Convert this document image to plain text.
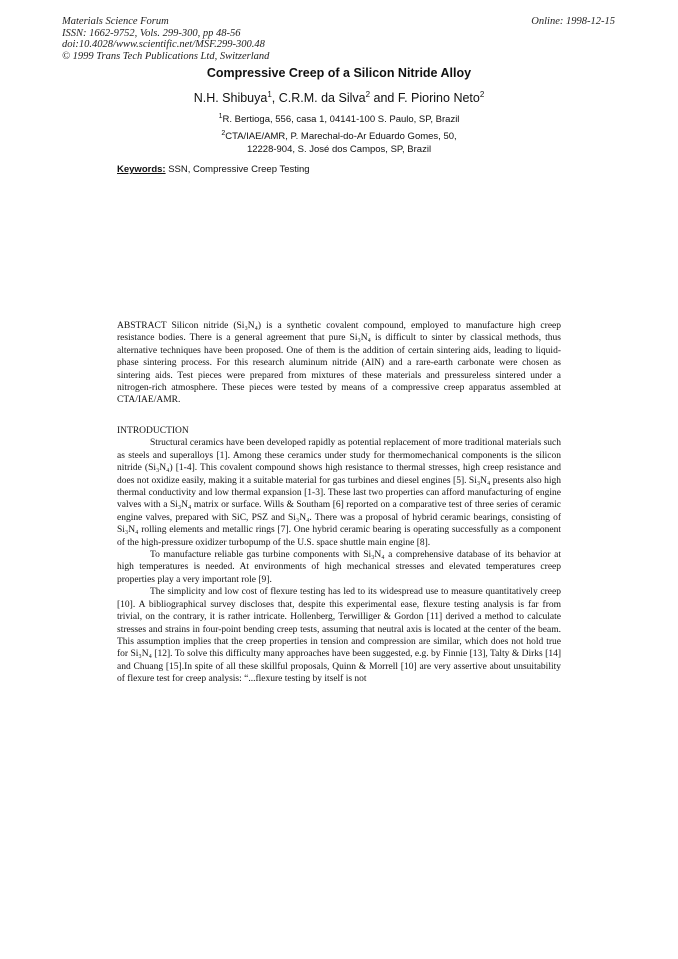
Materials Science Forum
ISSN: 1662-9752, Vols. 299-300, pp 48-56
doi:10.4028/www.scientific.net/MSF.299-300.48
© 1999 Trans Tech Publications Ltd, Switzerland
Online: 1998-12-15
Compressive Creep of a Silicon Nitride Alloy
N.H. Shibuya$^1$, C.R.M. da Silva$^2$ and F. Piorino Neto$^2$
$^1$R. Bertioga, 556, casa 1, 04141-100 S. Paulo, SP, Brazil
$^2$CTA/IAE/AMR, P. Marechal-do-Ar Eduardo Gomes, 50,
12228-904, S. José dos Campos, SP, Brazil
Keywords: SSN, Compressive Creep Testing

ABSTRACT Silicon nitride (Si₃N₄) is a synthetic covalent compound, employed to manufacture high creep resistance bodies. There is a general agreement that pure Si₃N₄ is difficult to sinter by classical methods, thus alternative techniques have been proposed. One of them is the addition of certain sintering aids, leading to liquid-phase sintering process. For this research aluminum nitride (AlN) and a rare-earth carbonate were chosen as sintering aids. Test pieces were prepared from mixtures of these materials and pressureless sintered under a nitrogen-rich atmosphere. These pieces were tested by means of a compressive creep apparatus assembled at CTA/IAE/AMR.

INTRODUCTION

Structural ceramics have been developed rapidly as potential replacement of more traditional materials such as steels and superalloys [1]. Among these ceramics under study for thermomechanical components is the silicon nitride (Si₃N₄) [1-4]. This covalent compound shows high resistance to thermal stresses, high creep resistance and does not oxidize easily, making it a suitable material for gas turbines and diesel engines [5]. Si₃N₄ presents also high thermal conductivity and low thermal expansion [1-3]. These last two properties can afford manufacturing of engine valves with a Si₃N₄ matrix or surface. Wills & Southam [6] reported on a comparative test of three series of ceramic engine valves, prepared with SiC, PSZ and Si₃N₄. There was a proposal of hybrid ceramic bearings, consisting of Si₃N₄ rolling elements and metallic rings [7]. One hybrid ceramic bearing is operating successfully as a component of the high-pressure oxidizer turbopump of the U.S. space shuttle main engine [8].

To manufacture reliable gas turbine components with Si₃N₄ a comprehensive database of its behavior at high temperatures is needed. At environments of high mechanical stresses and elevated temperatures creep properties play a very important role [9].

The simplicity and low cost of flexure testing has led to its widespread use to measure quantitatively creep [10]. A bibliographical survey discloses that, despite this experimental ease, flexure testing analysis is far from trivial, on the contrary, it is rather intricate. Hollenberg, Terwilliger & Gordon [11] derived a method to calculate stresses and strains in four-point bending creep tests, assuming that neutral axis is located at the center of the beam. This assumption implies that the creep properties in tension and compression are similar, which does not hold true for Si₃N₄ [12]. To solve this difficulty many approaches have been suggested, e.g. by Finnie [13], Talty & Dirks [14] and Chuang [15].In spite of all these skillful proposals, Quinn & Morrell [10] are very assertive about unsuitability of flexure test for creep analysis: “...flexure testing by itself is not
